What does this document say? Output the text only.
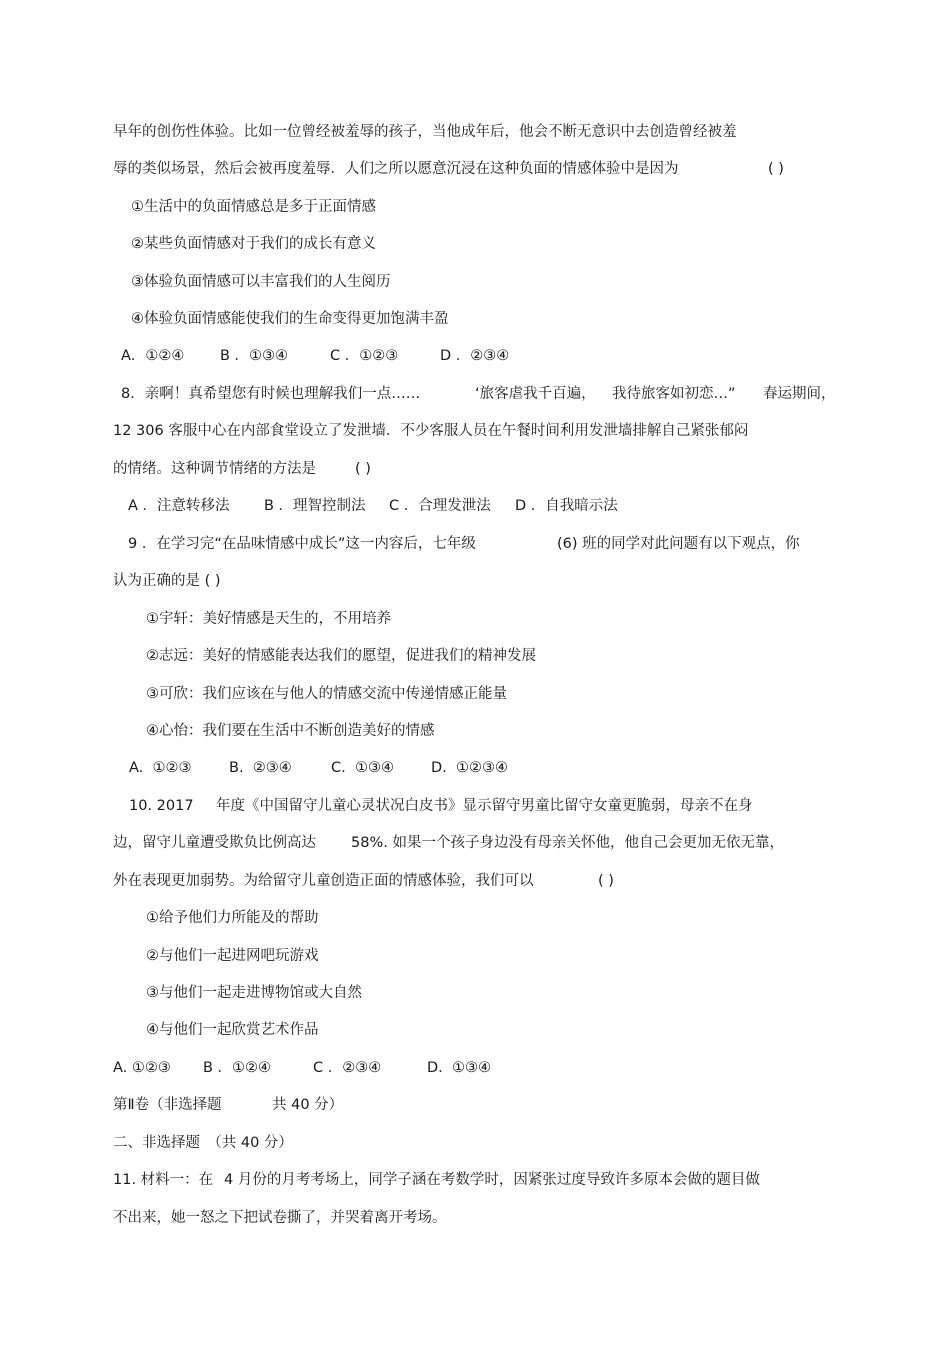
早年的创伤性体验。比如一位曾经被羞辱的孩子，当他成年后，他会不断无意识中去创造曾经被羞
辱的类似场景，然后会被再度羞辱．人们之所以愿意沉浸在这种负面的情感体验中是因为	( )
①生活中的负面情感总是多于正面情感
②某些负面情感对于我们的成长有意义
③体验负面情感可以丰富我们的人生阅历
④体验负面情感能使我们的生命变得更加饱满丰盈
A．①②④ B ．①③④	C ．①②③	D ．②③④
8．亲啊！真希望您有时候也理解我们一点……	‘旅客虐我千百遍， 我待旅客如初恋…” 春运期间，
12 306 客服中心在内部食堂设立了发泄墙．不少客服人员在午餐时间利用发泄墙排解自己紧张郁闷
的情绪。这种调节情绪的方法是	( )
A ．注意转移法 B ．理智控制法 C ．合理发泄法 D ．自我暗示法
9 ．在学习完“在品味情感中成长”这一内容后，七年级	(6) 班的同学对此问题有以下观点，你
认为正确的是 ( )
①宇轩：美好情感是天生的，不用培养
②志远：美好的情感能表达我们的愿望，促进我们的精神发展
③可欣：我们应该在与他人的情感交流中传递情感正能量
④心怡：我们要在生活中不断创造美好的情感
A.  ①②③	B.  ②③④	C.  ①③④	D.  ①②③④
10. 2017 年度《中国留守儿童心灵状况白皮书》显示留守男童比留守女童更脆弱，母亲不在身
边，留守儿童遭受欺负比例高达 58%. 如果一个孩子身边没有母亲关怀他，他自己会更加无依无靠，
外在表现更加弱势。为给留守儿童创造正面的情感体验，我们可以	( )
①给予他们力所能及的帮助
②与他们一起进网吧玩游戏
③与他们一起走进博物馆或大自然
④与他们一起欣赏艺术作品
A. ①②③ B ．①②④	C ．②③④	D.  ①③④
第Ⅱ卷（非选择题	共 40 分）
二、非选择题　（共 40 分）
11. 材料一：在 4 月份的月考考场上，同学子涵在考数学时，因紧张过度导致许多原本会做的题目做
不出来，她一怒之下把试卷撕了，并哭着离开考场。
